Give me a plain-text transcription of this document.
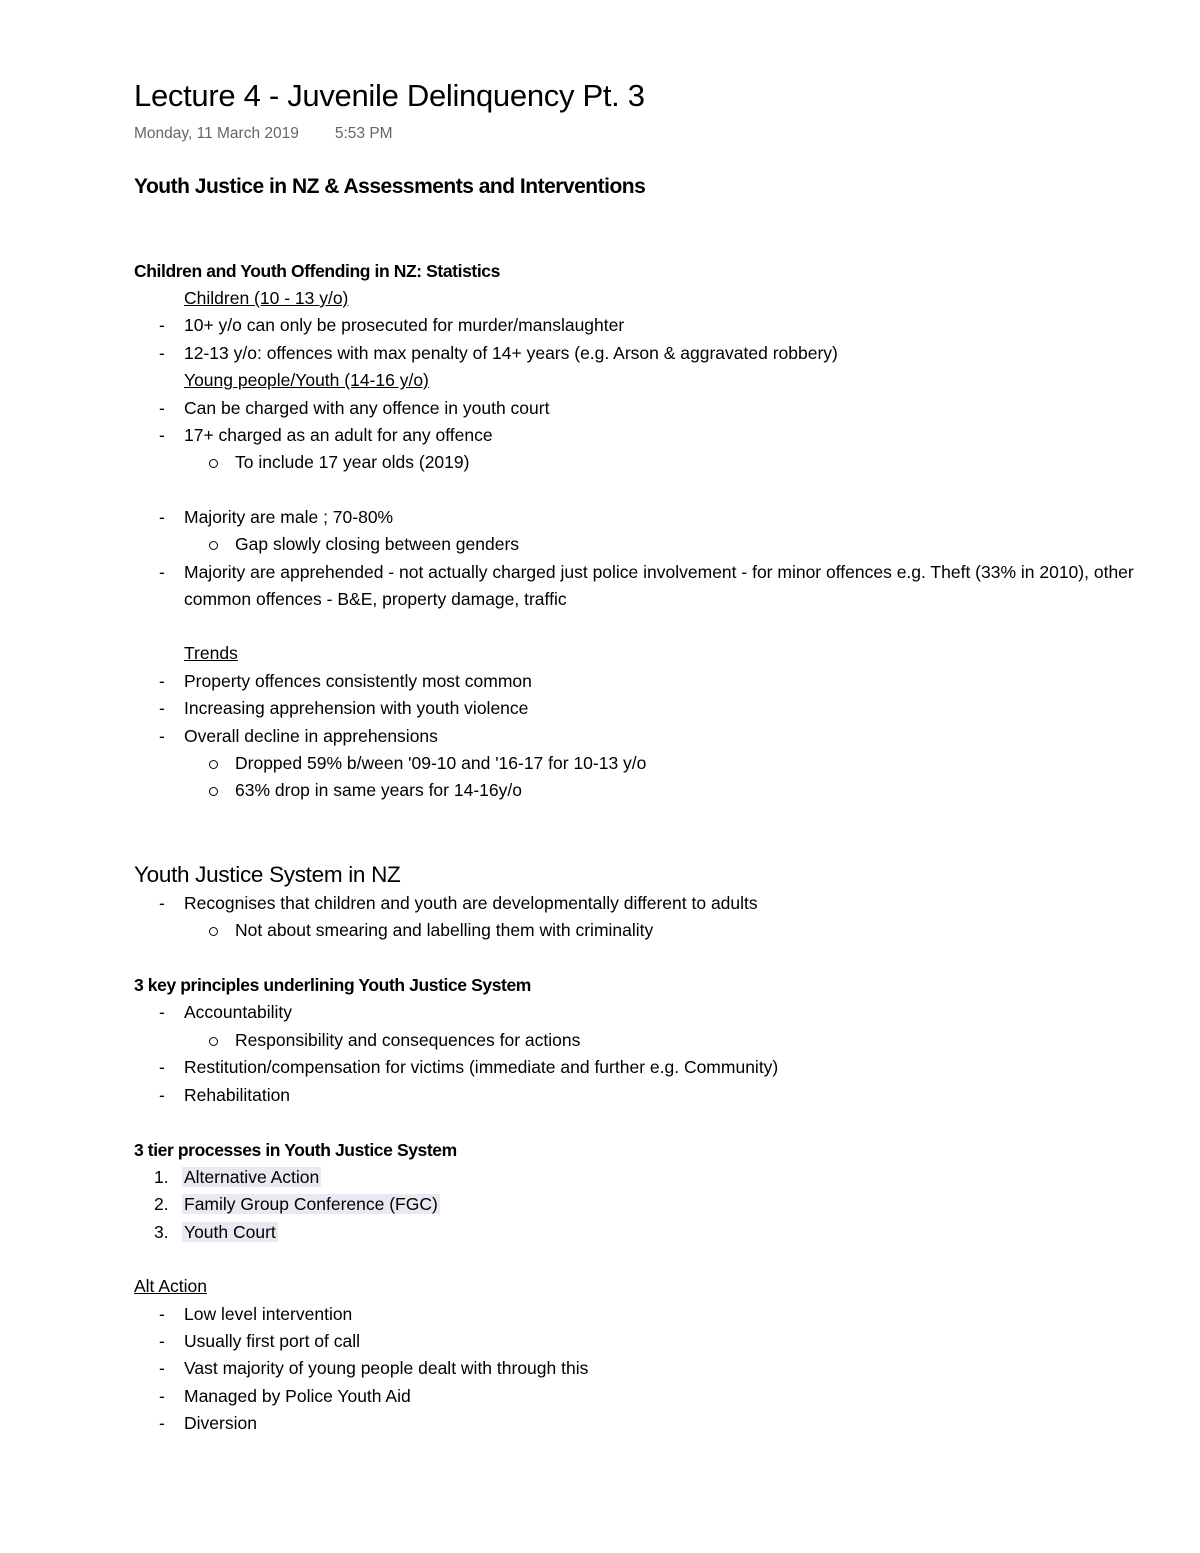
Lecture 4 - Juvenile Delinquency Pt. 3
Monday, 11 March 2019 5:53 PM
Youth Justice in NZ & Assessments and Interventions
Children and Youth Offending in NZ: Statistics
Children (10 - 13 y/o)
- 10+ y/o can only be prosecuted for murder/manslaughter
- 12-13 y/o: offences with max penalty of 14+ years (e.g. Arson & aggravated robbery)
Young people/Youth (14-16 y/o)
- Can be charged with any offence in youth court
- 17+ charged as an adult for any offence
To include 17 year olds (2019)
- Majority are male ; 70-80%
Gap slowly closing between genders
- Majority are apprehended - not actually charged just police involvement - for minor offences e.g. Theft (33% in 2010), other common offences - B&E, property damage, traffic
Trends
- Property offences consistently most common
- Increasing apprehension with youth violence
- Overall decline in apprehensions
Dropped 59% b/ween '09-10 and '16-17 for 10-13 y/o
63% drop in same years for 14-16y/o
Youth Justice System in NZ
- Recognises that children and youth are developmentally different to adults
Not about smearing and labelling them with criminality
3 key principles underlining Youth Justice System
- Accountability
Responsibility and consequences for actions
- Restitution/compensation for victims (immediate and further e.g. Community)
- Rehabilitation
3 tier processes in Youth Justice System
1. Alternative Action
2. Family Group Conference (FGC)
3. Youth Court
Alt Action
- Low level intervention
- Usually first port of call
- Vast majority of young people dealt with through this
- Managed by Police Youth Aid
- Diversion
